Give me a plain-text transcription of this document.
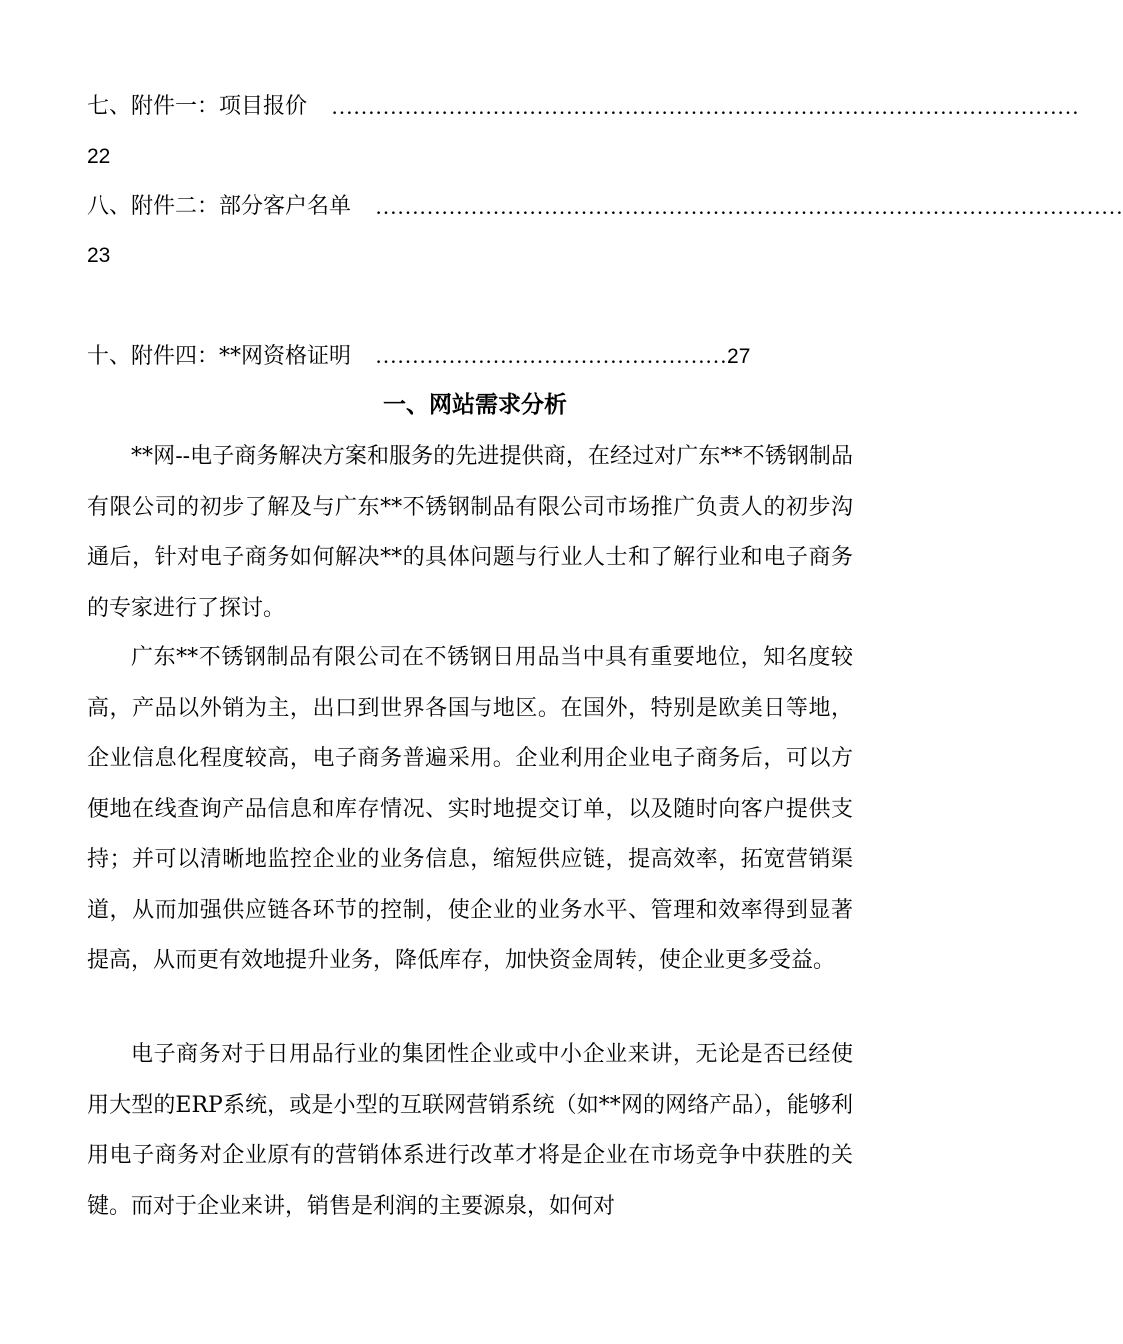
七、附件一：项目报价	…………………………………………………………………………………………
22
八、附件二：部分客户名单	…………………………………………………………………………………………
23
十、附件四：**网资格证明 …………………………………………27
一、网站需求分析

**网--电子商务解决方案和服务的先进提供商，在经过对广东**不锈钢制品有限公司的初步了解及与广东**不锈钢制品有限公司市场推广负责人的初步沟通后，针对电子商务如何解决**的具体问题与行业人士和了解行业和电子商务的专家进行了探讨。

广东**不锈钢制品有限公司在不锈钢日用品当中具有重要地位，知名度较高，产品以外销为主，出口到世界各国与地区。在国外，特别是欧美日等地，企业信息化程度较高，电子商务普遍采用。企业利用企业电子商务后，可以方便地在线查询产品信息和库存情况、实时地提交订单，以及随时向客户提供支持；并可以清晰地监控企业的业务信息，缩短供应链，提高效率，拓宽营销渠道，从而加强供应链各环节的控制，使企业的业务水平、管理和效率得到显著提高，从而更有效地提升业务，降低库存，加快资金周转，使企业更多受益。

电子商务对于日用品行业的集团性企业或中小企业来讲，无论是否已经使用大型的ERP系统，或是小型的互联网营销系统（如**网的网络产品），能够利用电子商务对企业原有的营销体系进行改革才将是企业在市场竞争中获胜的关键。而对于企业来讲，销售是利润的主要源泉，如何对
